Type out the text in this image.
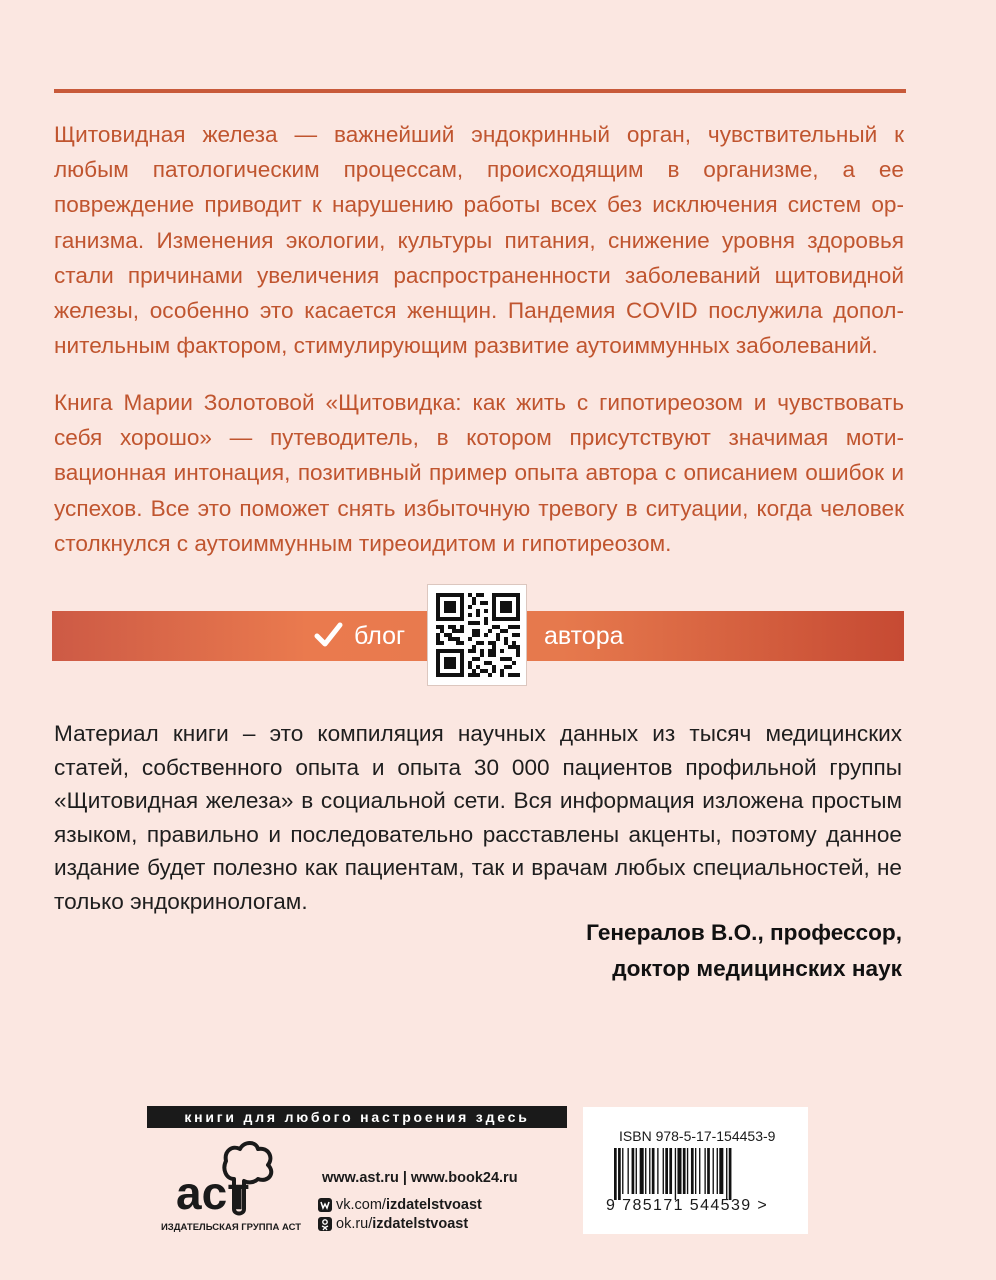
Щитовидная железа — важнейший эндокринный орган, чувствительный к любым патологическим процессам, происходящим в организме, а ее повреждение приводит к нарушению работы всех без исключения систем организма. Изменения экологии, культуры питания, снижение уровня здоровья стали причинами увеличения распространенности заболеваний щитовидной железы, особенно это касается женщин. Пандемия COVID послужила дополнительным фактором, стимулирующим развитие аутоиммунных заболеваний.

Книга Марии Золотовой «Щитовидка: как жить с гипотиреозом и чувствовать себя хорошо» — путеводитель, в котором присутствуют значимая мотивационная интонация, позитивный пример опыта автора с описанием ошибок и успехов. Все это поможет снять избыточную тревогу в ситуации, когда человек столкнулся с аутоиммунным тиреоидитом и гипотиреозом.

блог	автора

Материал книги – это компиляция научных данных из тысяч медицинских статей, собственного опыта и опыта 30 000 пациентов профильной группы «Щитовидная железа» в социальной сети. Вся информация изложена простым языком, правильно и последовательно расставлены акценты, поэтому данное издание будет полезно как пациентам, так и врачам любых специальностей, не только эндокринологам.

Генералов В.О., профессор,
доктор медицинских наук
книги для любого настроения здесь
аст
ИЗДАТЕЛЬСКАЯ ГРУППА АСТ
www.ast.ru | www.book24.ru
vk.com/ izdatelstvoast
ok.ru/ izdatelstvoast
ISBN 978-5-17-154453-9
9 785171 544539 >
